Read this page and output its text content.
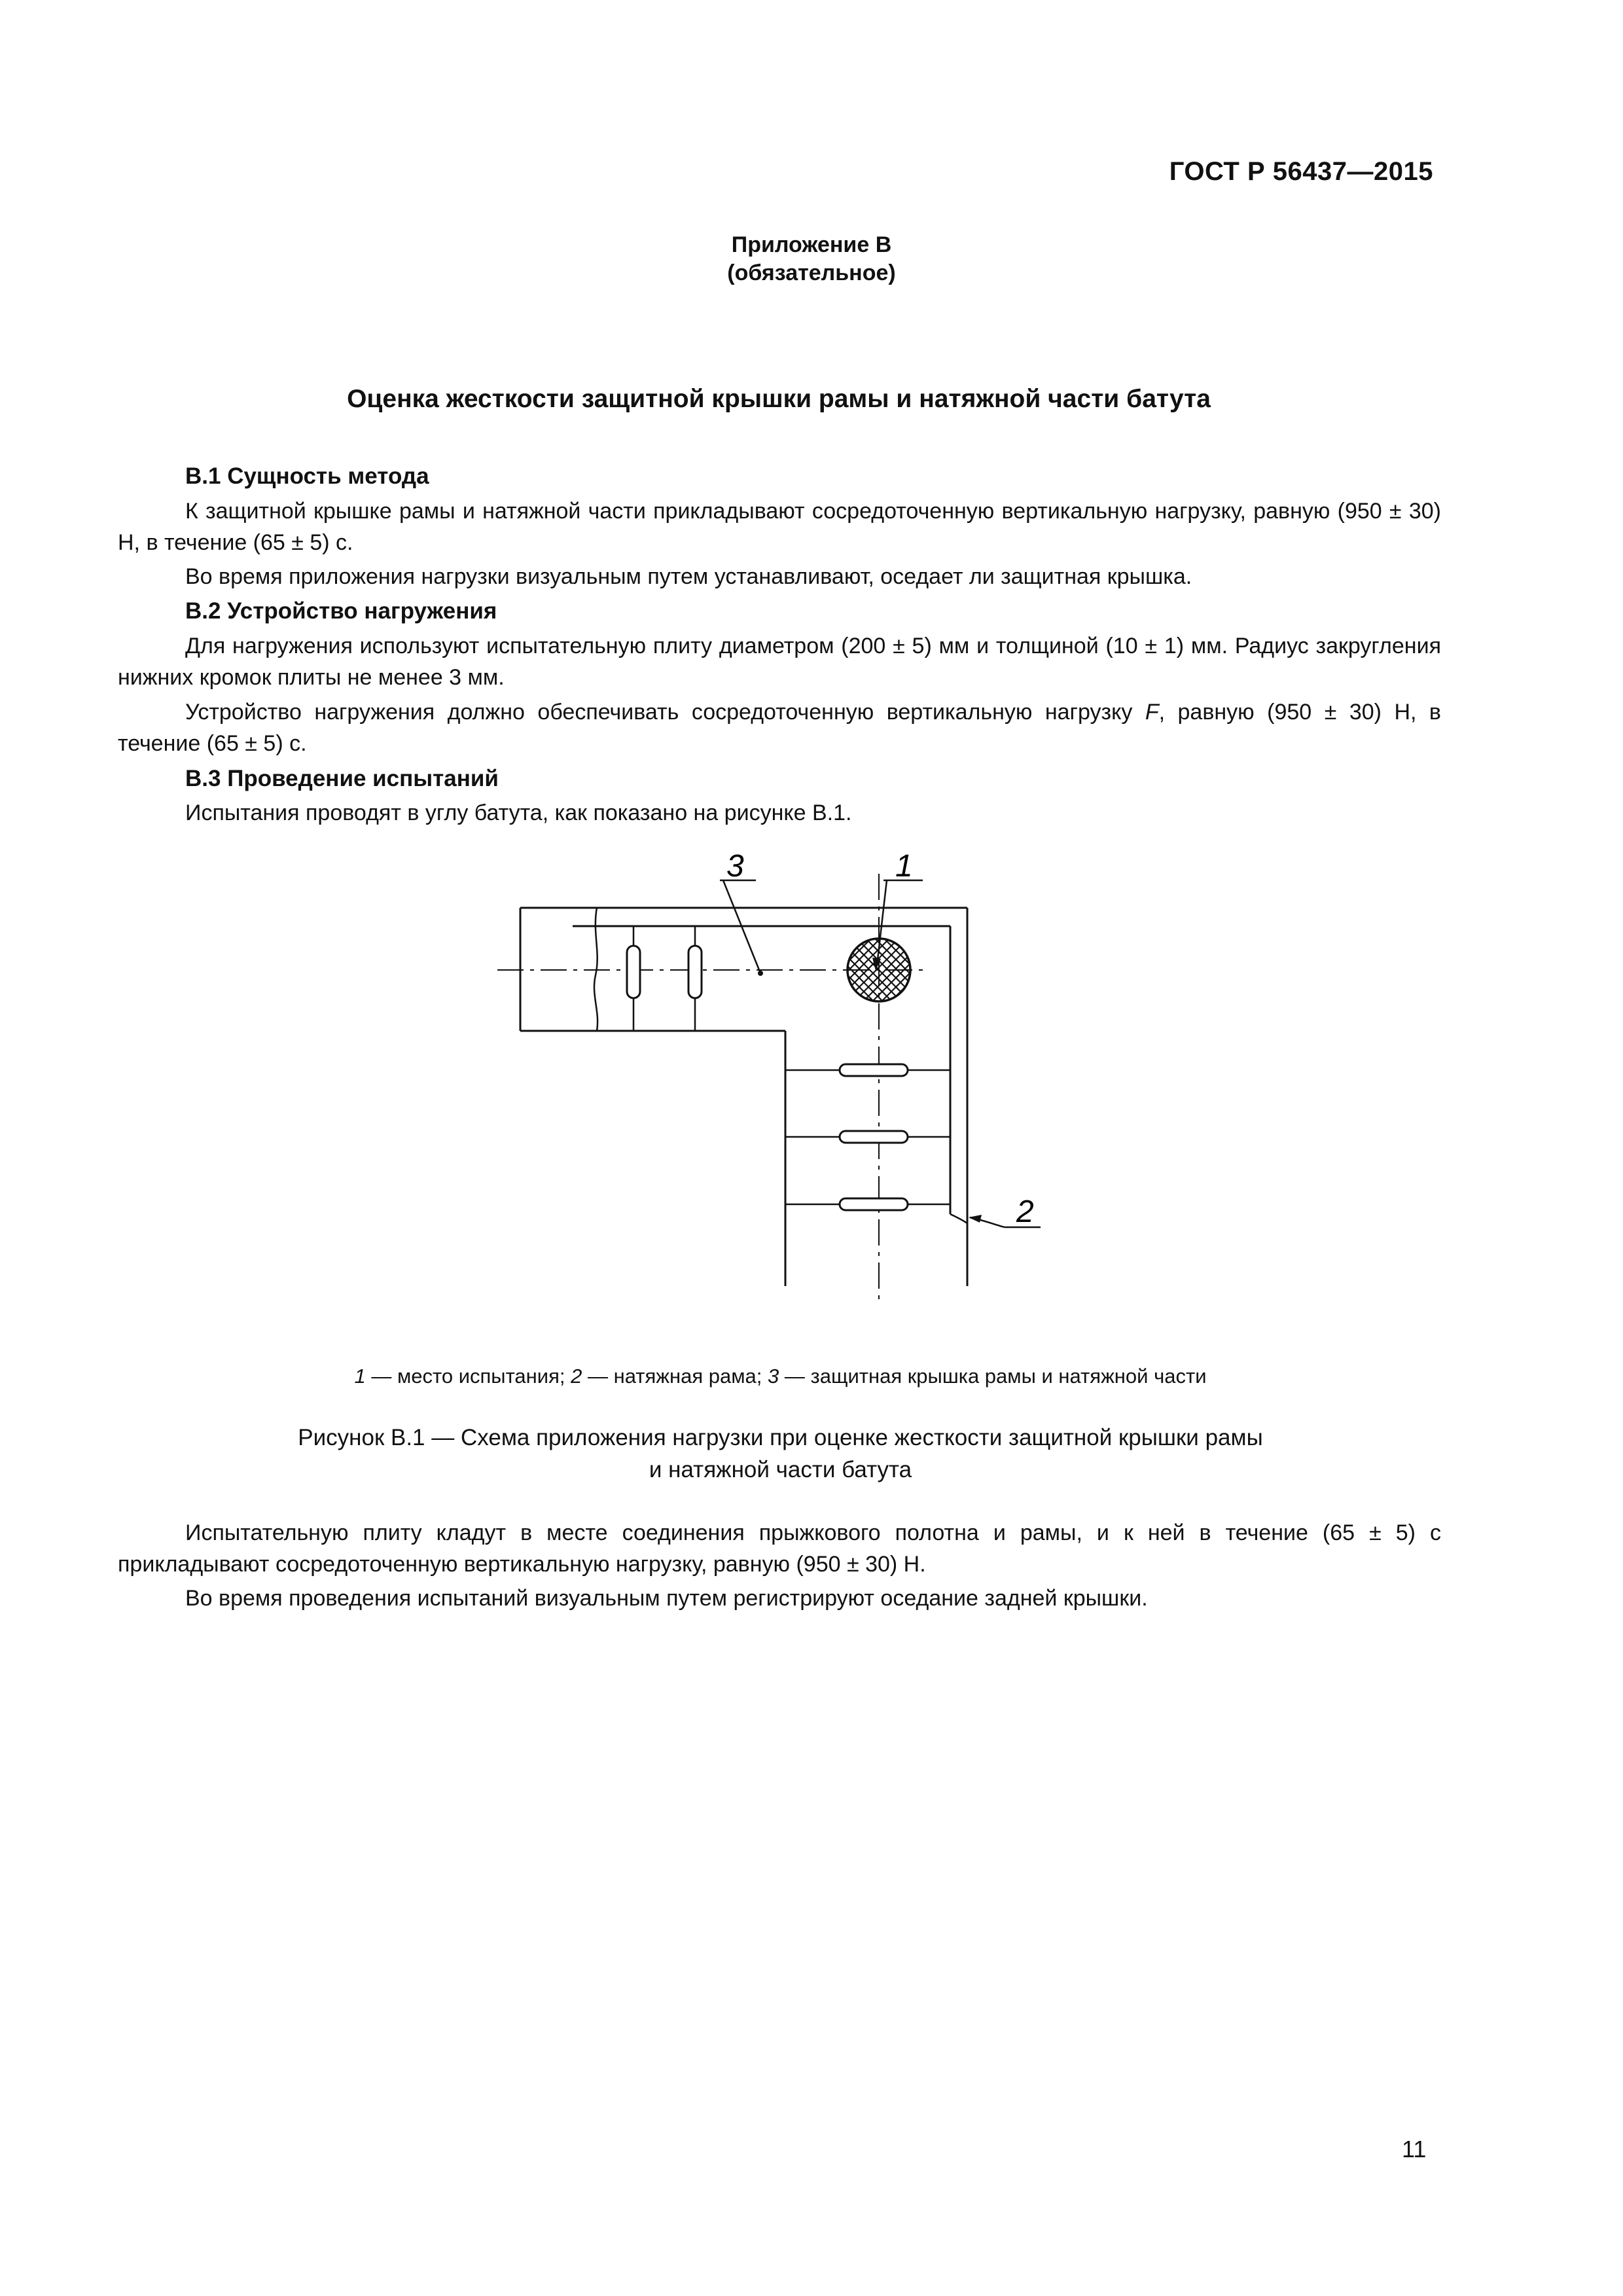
ГОСТ Р 56437—2015
Приложение В
(обязательное)
Оценка жесткости защитной крышки рамы и натяжной части батута
В.1 Сущность метода

К защитной крышке рамы и натяжной части прикладывают сосредоточенную вертикальную нагрузку, равную (950 ± 30) Н, в течение (65 ± 5) с.

Во время приложения нагрузки визуальным путем устанавливают, оседает ли защитная крышка.

В.2 Устройство нагружения

Для нагружения используют испытательную плиту диаметром (200 ± 5) мм и толщиной (10 ± 1) мм. Радиус закругления нижних кромок плиты не менее 3 мм.

Устройство нагружения должно обеспечивать сосредоточенную вертикальную нагрузку F, равную (950 ± 30) Н, в течение (65 ± 5) с.

В.3 Проведение испытаний

Испытания проводят в углу батута, как показано на рисунке В.1.

3	1
2
1 — место испытания; 2 — натяжная рама; 3 — защитная крышка рамы и натяжной части
Рисунок В.1 — Схема приложения нагрузки при оценке жесткости защитной крышки рамы
и натяжной части батута

Испытательную плиту кладут в месте соединения прыжкового полотна и рамы, и к ней в течение (65 ± 5) с прикладывают сосредоточенную вертикальную нагрузку, равную (950 ± 30) Н.

Во время проведения испытаний визуальным путем регистрируют оседание задней крышки.

11
